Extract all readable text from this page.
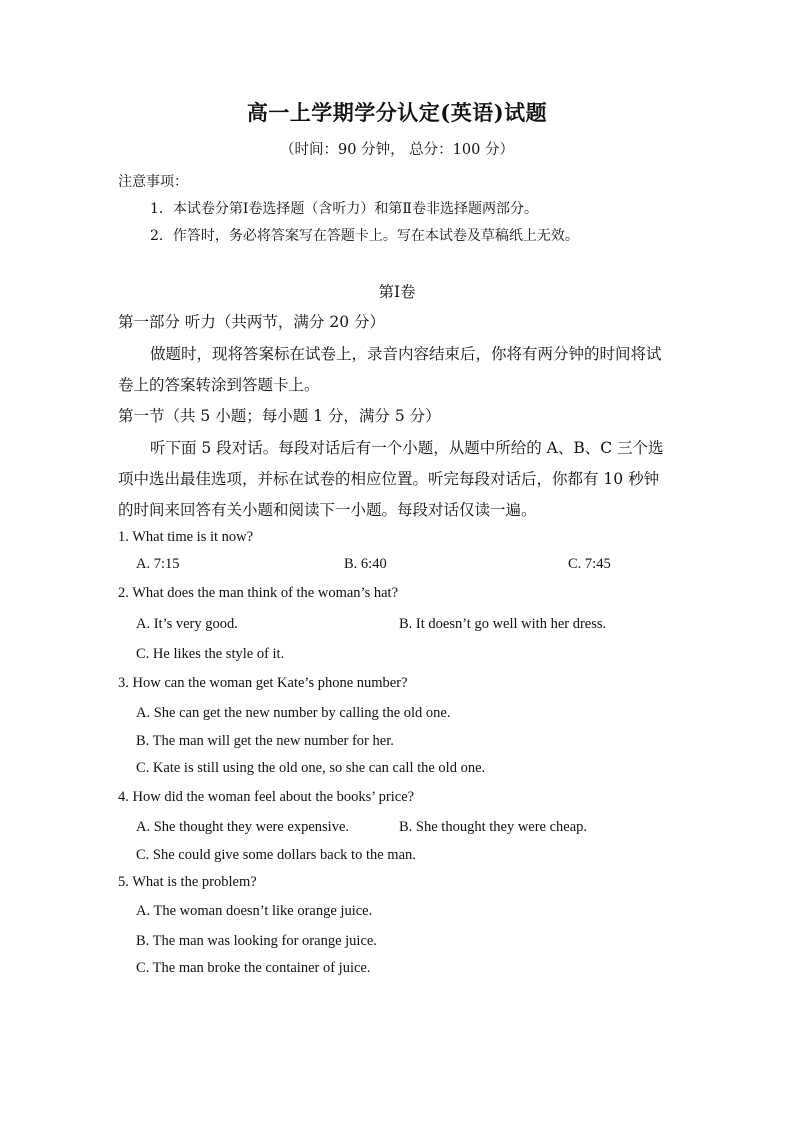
高一上学期学分认定(英语)试题
（时间：90 分钟， 总分：100 分）
注意事项：
1．本试卷分第Ⅰ卷选择题（含听力）和第Ⅱ卷非选择题两部分。
2．作答时，务必将答案写在答题卡上。写在本试卷及草稿纸上无效。
第Ⅰ卷
第一部分 听力（共两节，满分 20 分）
做题时，现将答案标在试卷上，录音内容结束后，你将有两分钟的时间将试
卷上的答案转涂到答题卡上。
第一节（共 5 小题；每小题 1 分，满分 5 分）
听下面 5 段对话。每段对话后有一个小题，从题中所给的 A、B、C 三个选
项中选出最佳选项，并标在试卷的相应位置。听完每段对话后，你都有 10 秒钟
的时间来回答有关小题和阅读下一小题。每段对话仅读一遍。
1. What time is it now?
A. 7:15	B. 6:40	C. 7:45
2. What does the man think of the woman’s hat?
A. It’s very good.	B. It doesn’t go well with her dress.
C. He likes the style of it.
3. How can the woman get Kate’s phone number?
A. She can get the new number by calling the old one.
B. The man will get the new number for her.
C. Kate is still using the old one, so she can call the old one.
4. How did the woman feel about the books’ price?
A. She thought they were expensive.	B. She thought they were cheap.
C. She could give some dollars back to the man.
5. What is the problem?
A. The woman doesn’t like orange juice.
B. The man was looking for orange juice.
C. The man broke the container of juice.
